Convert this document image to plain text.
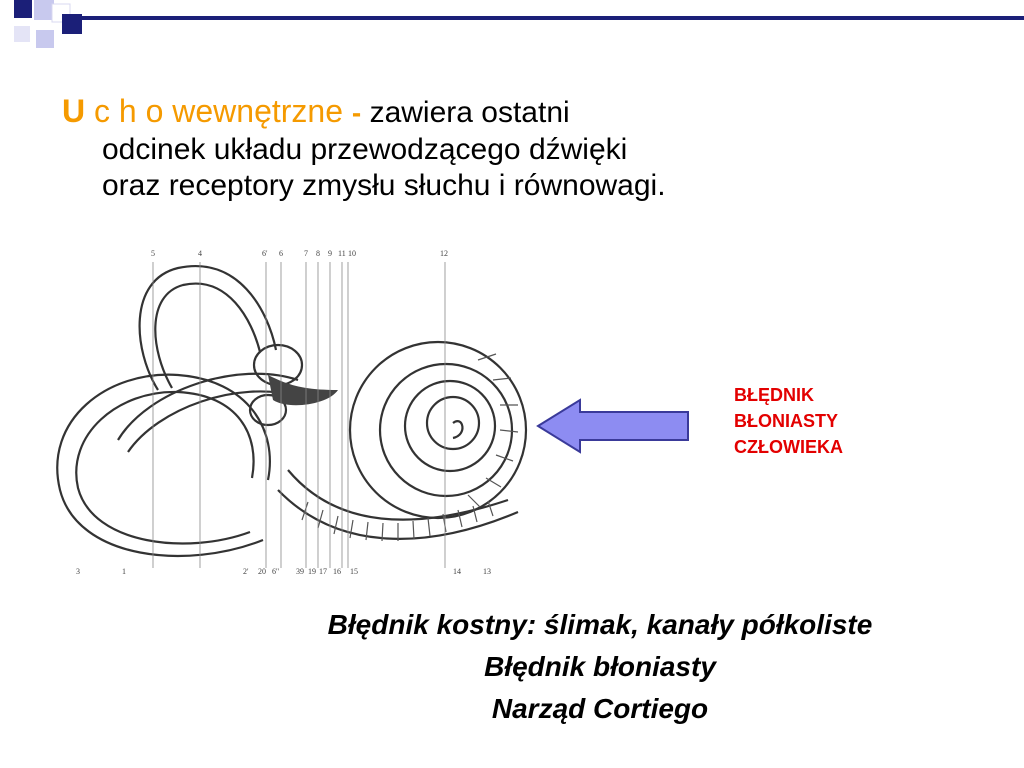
U c h o wewnętrzne - zawiera ostatni
odcinek układu przewodzącego dźwięki
oraz receptory zmysłu słuchu i równowagi.
5	4	6' 6	7 8 9 11 10	12
3	1	2' 20 6'' 39 19 17 16 15	14	13
BŁĘDNIK
BŁONIASTY
CZŁOWIEKA
Błędnik kostny: ślimak, kanały półkoliste
Błędnik błoniasty
Narząd Cortiego
